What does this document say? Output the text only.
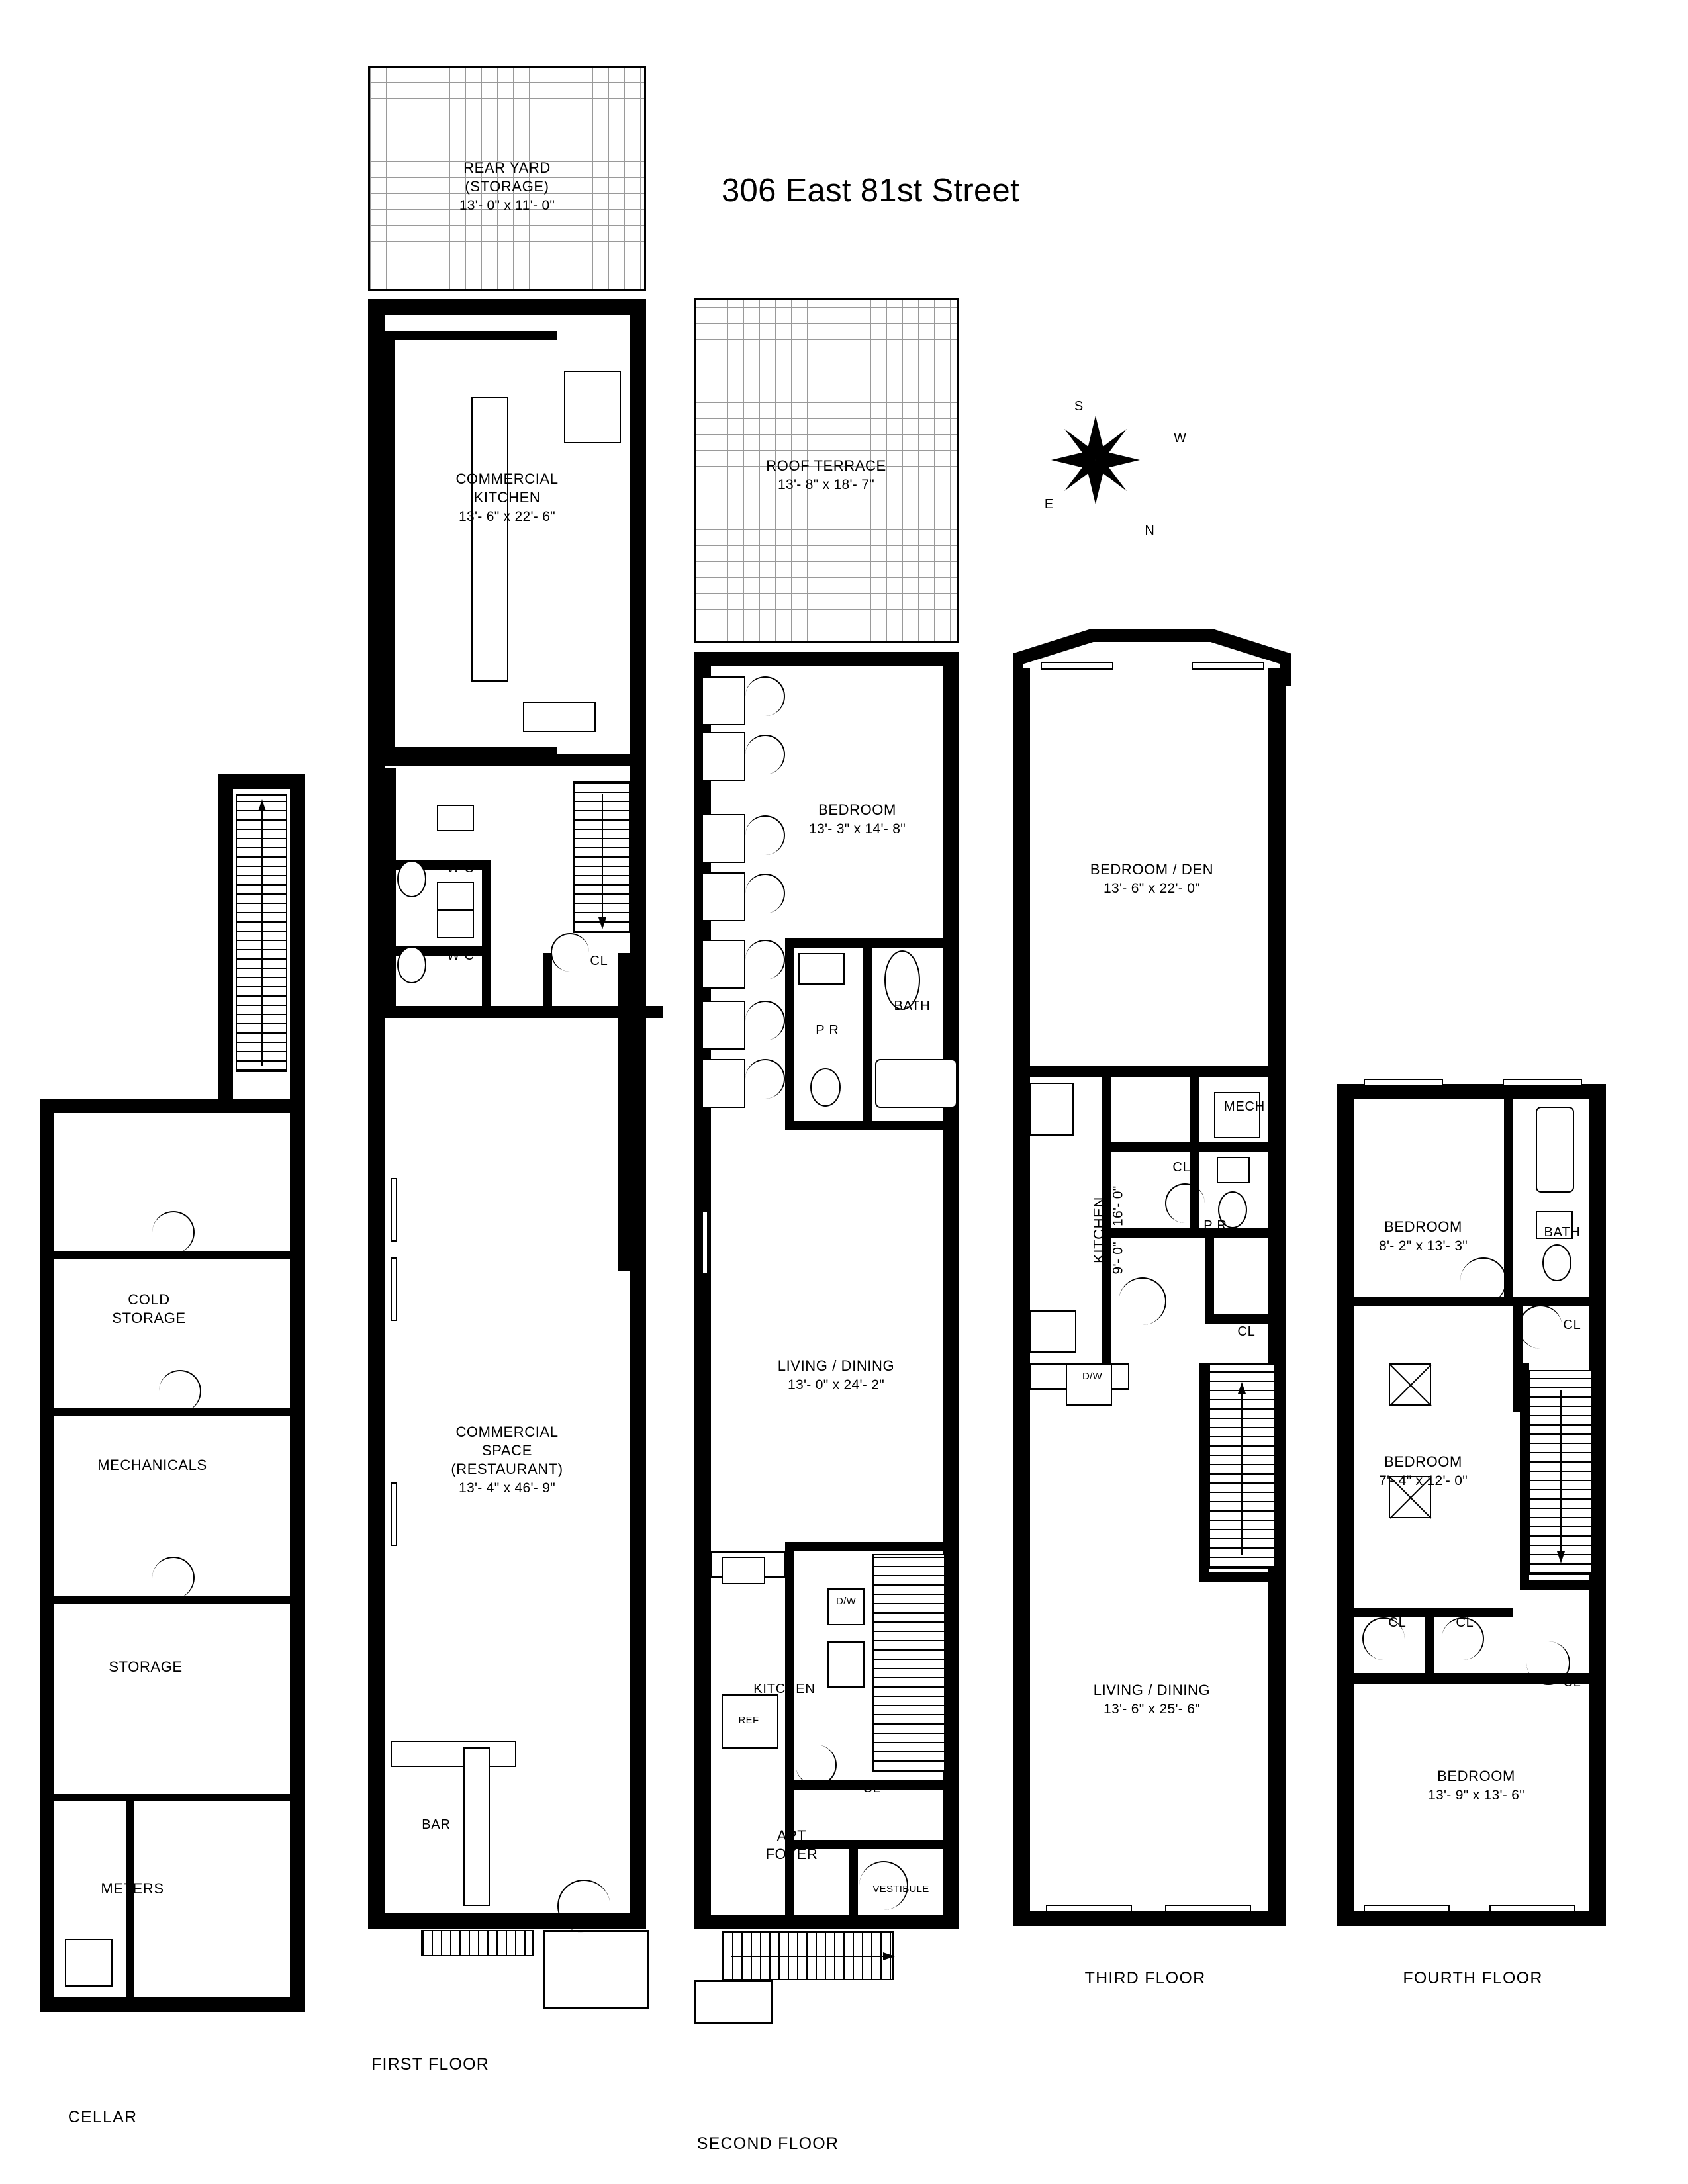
306 East 81st Street
S
W
E
N
COLD
STORAGE
MECHANICALS
STORAGE
METERS
CELLAR
REAR YARD
(STORAGE)
13'- 0" x 11'- 0"
COMMERCIAL
KITCHEN
13'- 6" x 22'- 6"
W C
W C	CL
COMMERCIAL
SPACE
(RESTAURANT)
13'- 4" x 46'- 9"
BAR
FIRST FLOOR
ROOF TERRACE
13'- 8" x 18'- 7"
BEDROOM
13'- 3" x 14'- 8"
P R
BATH
LIVING / DINING
13'- 0" x 24'- 2"
KITCHEN
D/W
REF
CL
APT
FOYER
VESTIBULE
SECOND FLOOR
BEDROOM / DEN
13'- 6" x 22'- 0"
KITCHEN 9'- 0" x 16'- 0"
MECH
CL
P R
CL
D/W
LIVING / DINING
13'- 6" x 25'- 6"
THIRD FLOOR
BEDROOM
8'- 2" x 13'- 3"
BATH
CL
BEDROOM
7'- 4" x 12'- 0"
CL	CL
CL
BEDROOM
13'- 9" x 13'- 6"
FOURTH FLOOR
